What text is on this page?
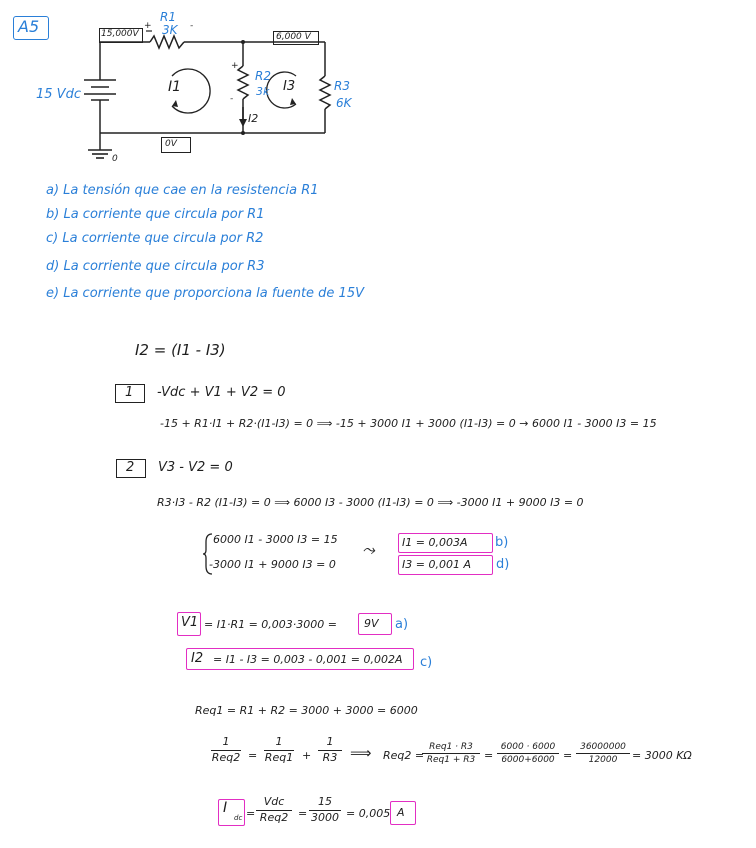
A5	15,000V	6,000 V
0V
R1
3K
+	-
R2
3k
+
-
R3
6K
15 Vdc	I1	I3
I2
0
a) La tensión que cae en la resistencia R1
b) La corriente que circula por R1
c) La corriente que circula por R2
d) La corriente que circula por R3
e) La corriente que proporciona la fuente de 15V
I2 = (I1 - I3)
1 -Vdc + V1 + V2 = 0
-15 + R1·I1 + R2·(I1-I3) = 0 ⟹ -15 + 3000 I1 + 3000 (I1-I3) = 0 → 6000 I1 - 3000 I3 = 15
2 V3 - V2 = 0
R3·I3 - R2 (I1-I3) = 0 ⟹ 6000 I3 - 3000 (I1-I3) = 0 ⟹ -3000 I1 + 9000 I3 = 0
6000 I1 - 3000 I3 = 15
-3000 I1 + 9000 I3 = 0
⤳ I1 = 0,003A b)
I3 = 0,001 A d)
V1 = I1·R1 = 0,003·3000 = 9V a)
I2 = I1 - I3 = 0,003 - 0,001 = 0,002A c)
Req1 = R1 + R2 = 3000 + 3000 = 6000
1
Req2 =
1
Req1 +
1
R3 ⟹ Req2 =
Req1 · R3
Req1 + R3 =
6000 · 6000
6000+6000 =
36000000
12000	= 3000 KΩ
I
dc =
Vdc
Req2 =
15
3000 = 0,005 A
